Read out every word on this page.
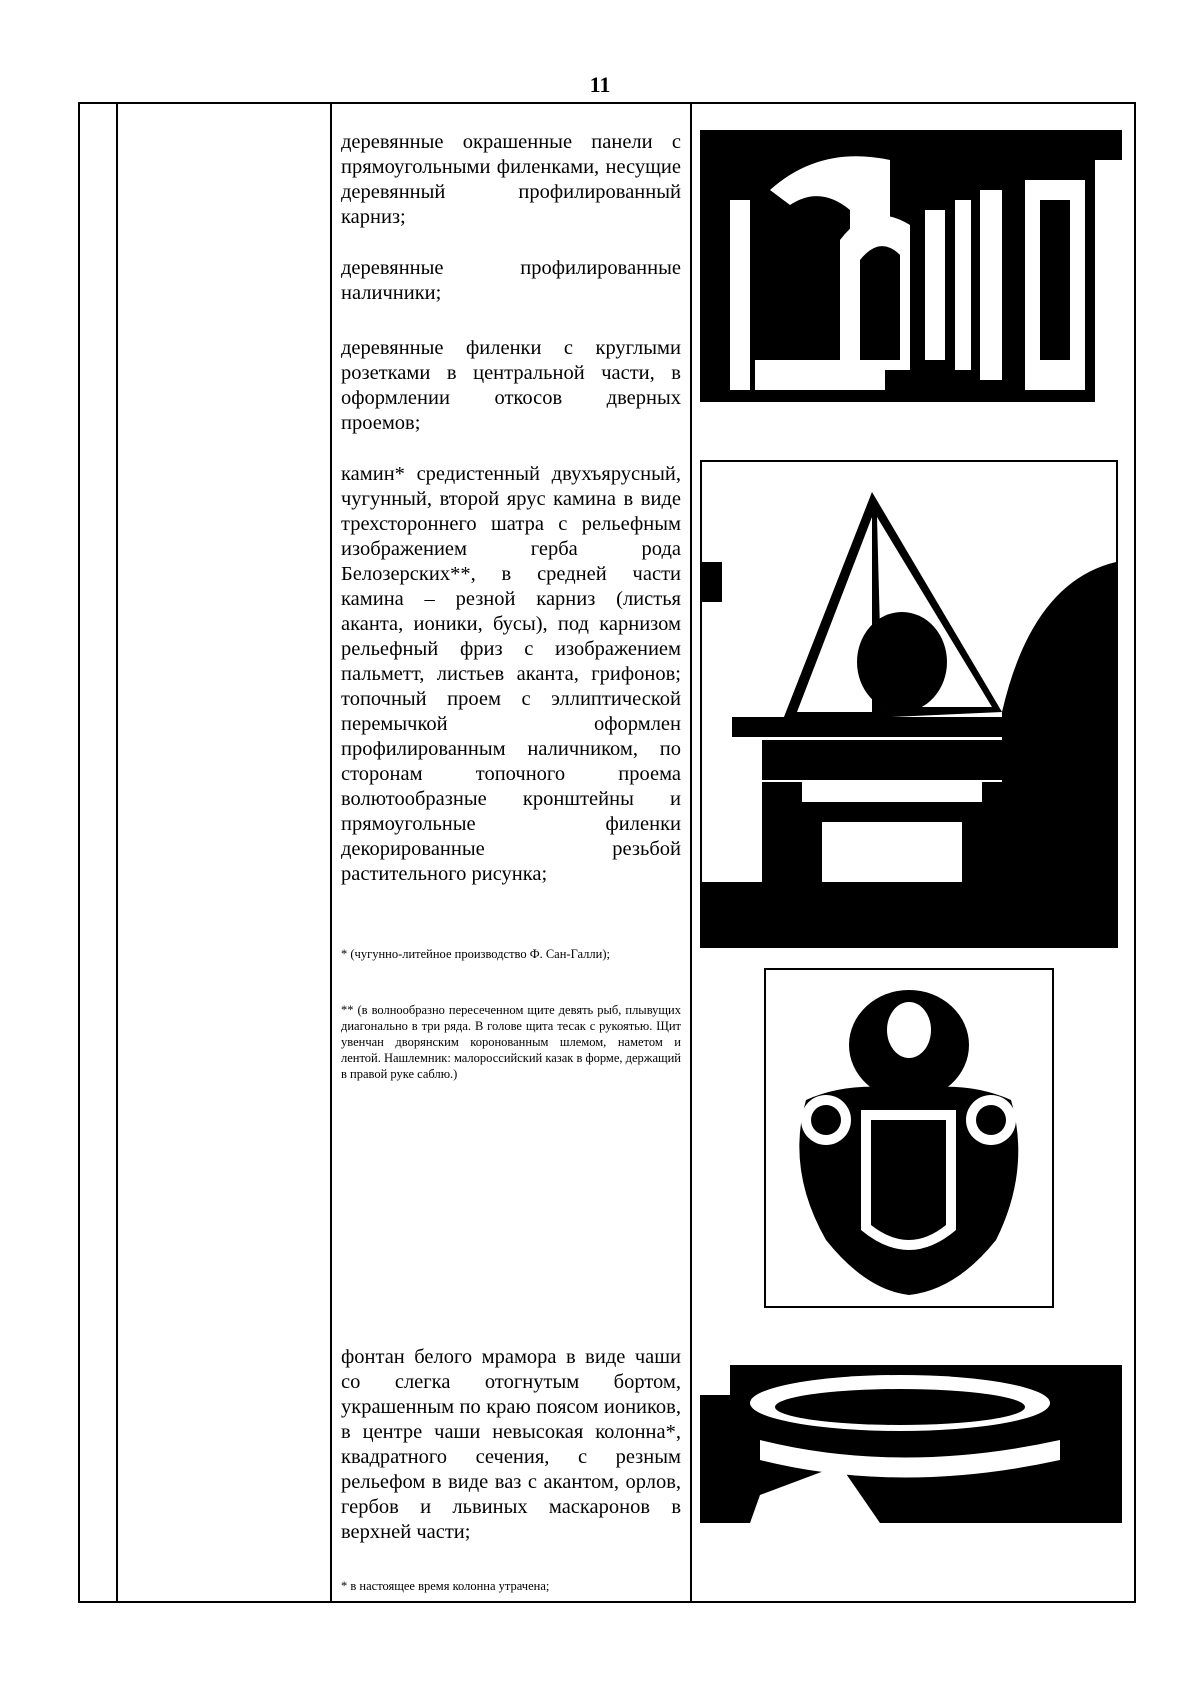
11

деревянные окрашенные панели с прямоугольными филенками, несущие деревянный профилированный карниз;

деревянные профилированные наличники;

деревянные филенки с круглыми розетками в центральной части, в оформлении откосов дверных проемов;

камин* средистенный двухъярусный, чугунный, второй ярус камина в виде трехстороннего шатра с рельефным изображением герба рода Белозерских**, в средней части камина – резной карниз (листья аканта, ионики, бусы), под карнизом рельефный фриз с изображением пальметт, листьев аканта, грифонов; топочный проем с эллиптической перемычкой оформлен профилированным наличником, по сторонам топочного проема волютообразные кронштейны и прямоугольные филенки декорированные резьбой растительного рисунка;

* (чугунно-литейное производство Ф. Сан-Галли);

** (в волнообразно пересеченном щите девять рыб, плывущих диагонально в три ряда. В голове щита тесак с рукоятью. Щит увенчан дворянским коронованным шлемом, наметом и лентой. Нашлемник: малороссийский казак в форме, держащий в правой руке саблю.)

фонтан белого мрамора в виде чаши со слегка отогнутым бортом, украшенным по краю поясом иоников, в центре чаши невысокая колонна*, квадратного сечения, с резным рельефом в виде ваз с акантом, орлов, гербов и львиных маскаронов в верхней части;

* в настоящее время колонна утрачена;
